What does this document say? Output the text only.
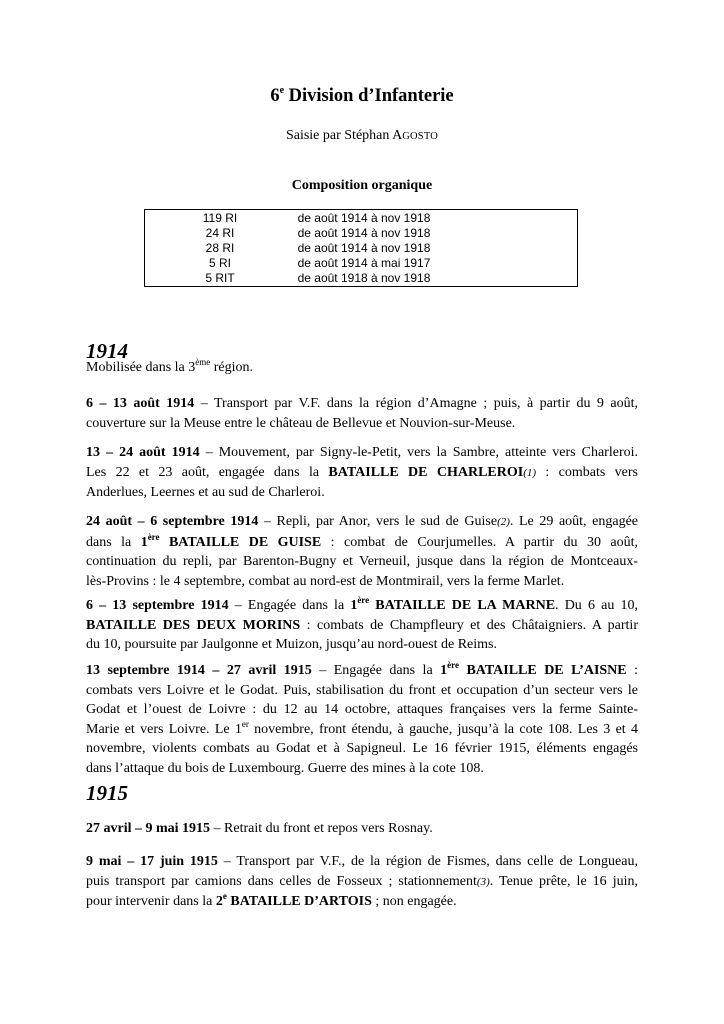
6e Division d’Infanterie
Saisie par Stéphan AGOSTO
Composition organique
119 RI	de août 1914 à nov 1918
24 RI	de août 1914 à nov 1918
28 RI	de août 1914 à nov 1918
5 RI	de août 1914 à mai 1917
5 RIT	de août 1918 à nov 1918
1914
Mobilisée dans la 3ème région.
6 – 13 août 1914 – Transport par V.F. dans la région d’Amagne ; puis, à partir du 9 août,
couverture sur la Meuse entre le château de Bellevue et Nouvion-sur-Meuse.
13 – 24 août 1914 – Mouvement, par Signy-le-Petit, vers la Sambre, atteinte vers Charleroi.
Les 22 et 23 août, engagée dans la BATAILLE DE CHARLEROI(1) : combats vers
Anderlues, Leernes et au sud de Charleroi.
24 août – 6 septembre 1914 – Repli, par Anor, vers le sud de Guise(2). Le 29 août, engagée
dans la 1ère BATAILLE DE GUISE : combat de Courjumelles. A partir du 30 août,
continuation du repli, par Barenton-Bugny et Verneuil, jusque dans la région de Montceaux-
lès-Provins : le 4 septembre, combat au nord-est de Montmirail, vers la ferme Marlet.
6 – 13 septembre 1914 – Engagée dans la 1ère BATAILLE DE LA MARNE. Du 6 au 10,
BATAILLE DES DEUX MORINS : combats de Champfleury et des Châtaigniers. A partir
du 10, poursuite par Jaulgonne et Muizon, jusqu’au nord-ouest de Reims.
13 septembre 1914 – 27 avril 1915 – Engagée dans la 1ère BATAILLE DE L’AISNE :
combats vers Loivre et le Godat. Puis, stabilisation du front et occupation d’un secteur vers le
Godat et l’ouest de Loivre : du 12 au 14 octobre, attaques françaises vers la ferme Sainte-
Marie et vers Loivre. Le 1er novembre, front étendu, à gauche, jusqu’à la cote 108. Les 3 et 4
novembre, violents combats au Godat et à Sapigneul. Le 16 février 1915, éléments engagés
dans l’attaque du bois de Luxembourg. Guerre des mines à la cote 108.
1915
27 avril – 9 mai 1915 – Retrait du front et repos vers Rosnay.
9 mai – 17 juin 1915 – Transport par V.F., de la région de Fismes, dans celle de Longueau,
puis transport par camions dans celles de Fosseux ; stationnement(3). Tenue prête, le 16 juin,
pour intervenir dans la 2e BATAILLE D’ARTOIS ; non engagée.
